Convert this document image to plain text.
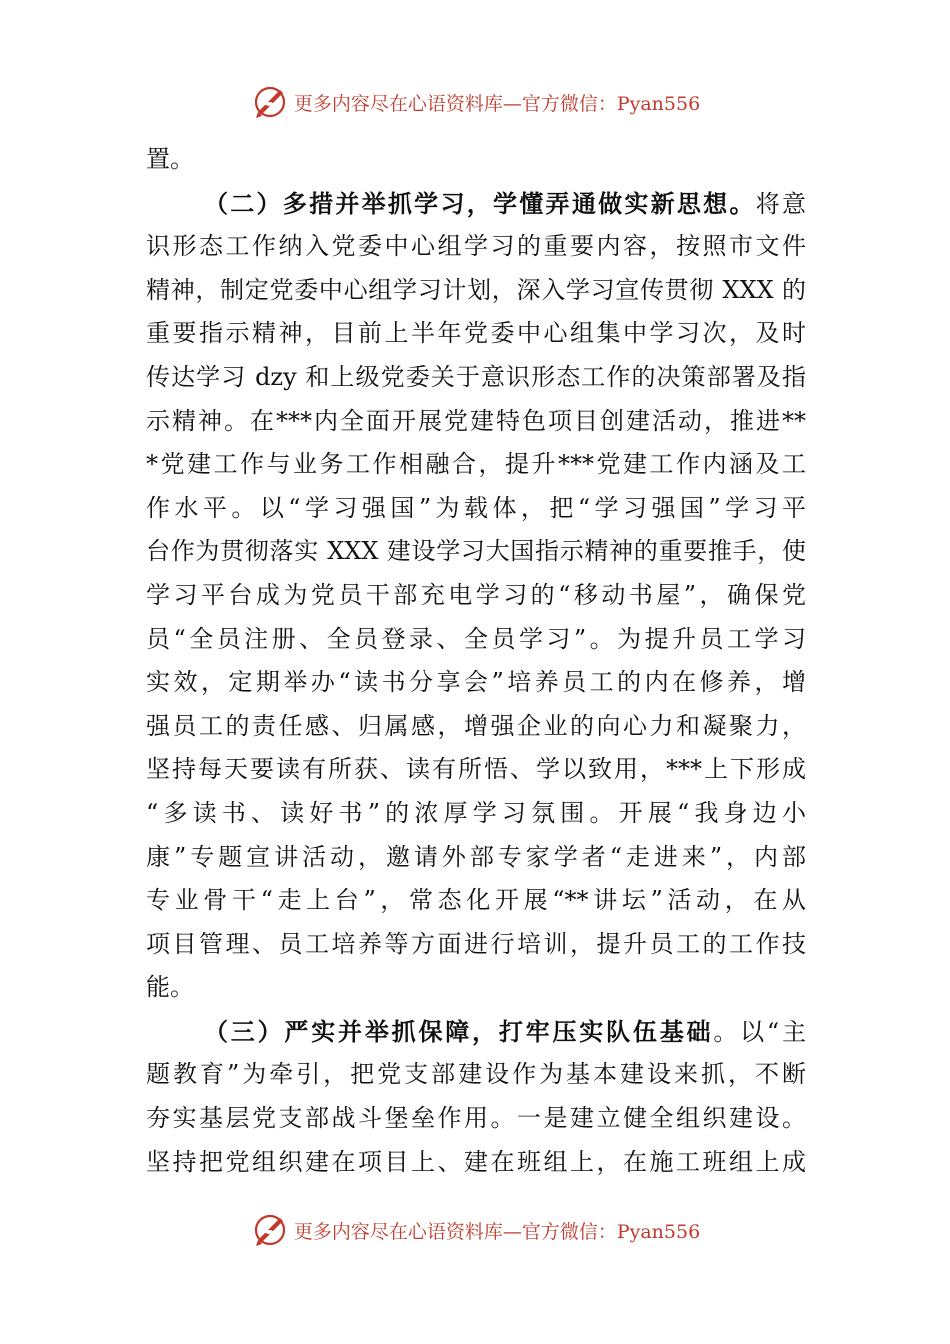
更多内容尽在心语资料库—官方微信：Pyan556
置。
（二）多措并举抓学习，学懂弄通做实新思想。将意
识形态工作纳入党委中心组学习的重要内容，按照市文件
精神，制定党委中心组学习计划，深入学习宣传贯彻 XXX 的
重要指示精神，目前上半年党委中心组集中学习次，及时
传达学习 dzy 和上级党委关于意识形态工作的决策部署及指
示精神。在***内全面开展党建特色项目创建活动，推进**
*党建工作与业务工作相融合，提升***党建工作内涵及工
作水平。以“学习强国”为载体，把“学习强国”学习平
台作为贯彻落实 XXX 建设学习大国指示精神的重要推手，使
学习平台成为党员干部充电学习的“移动书屋”，确保党
员“全员注册、全员登录、全员学习”。为提升员工学习
实效，定期举办“读书分享会”培养员工的内在修养，增
强员工的责任感、归属感，增强企业的向心力和凝聚力，
坚持每天要读有所获、读有所悟、学以致用，***上下形成
“多读书、读好书”的浓厚学习氛围。开展“我身边小
康”专题宣讲活动，邀请外部专家学者“走进来”，内部
专业骨干“走上台”，常态化开展“**讲坛”活动，在从
项目管理、员工培养等方面进行培训，提升员工的工作技
能。
（三）严实并举抓保障，打牢压实队伍基础。以“主
题教育”为牵引，把党支部建设作为基本建设来抓，不断
夯实基层党支部战斗堡垒作用。一是建立健全组织建设。
坚持把党组织建在项目上、建在班组上，在施工班组上成
更多内容尽在心语资料库—官方微信：Pyan556
